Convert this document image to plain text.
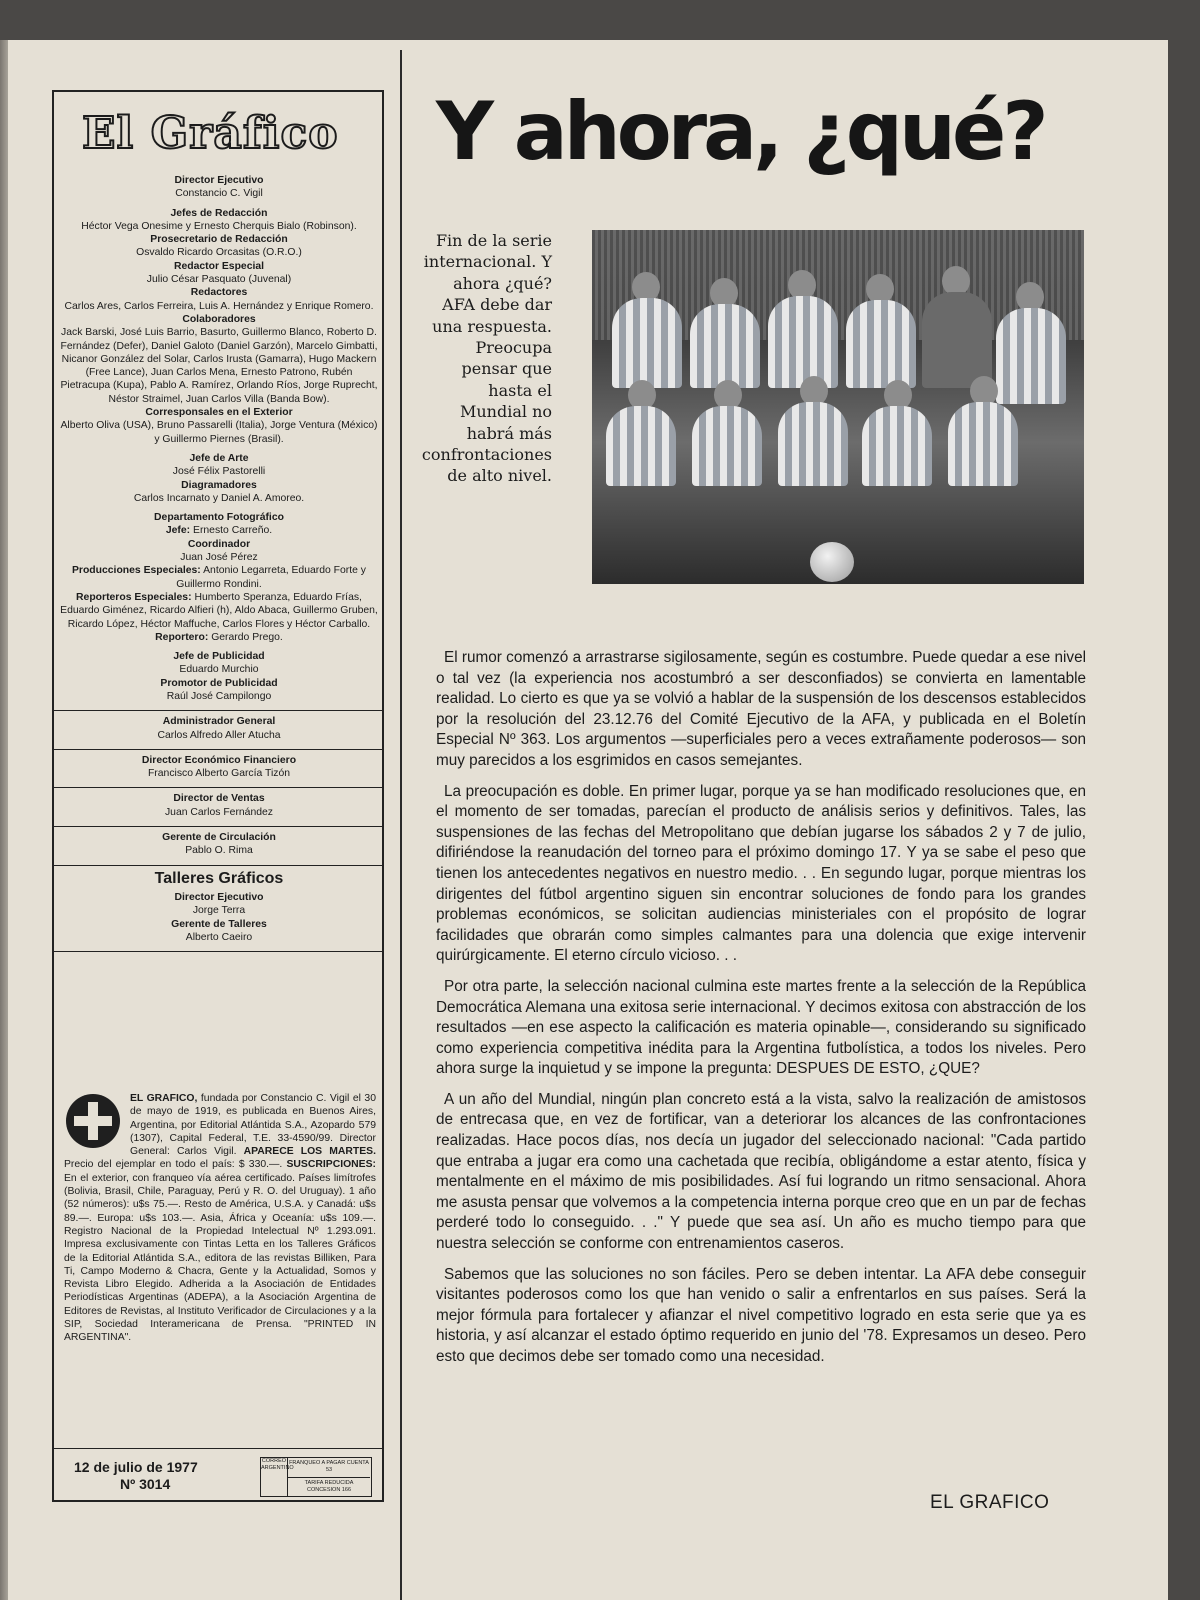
El Gráfico

Director Ejecutivo

Constancio C. Vigil

Jefes de Redacción

Héctor Vega Onesime y Ernesto Cherquis Bialo (Robinson).

Prosecretario de Redacción

Osvaldo Ricardo Orcasitas (O.R.O.)

Redactor Especial

Julio César Pasquato (Juvenal)

Redactores

Carlos Ares, Carlos Ferreira, Luis A. Hernández y Enrique Romero.

Colaboradores

Jack Barski, José Luis Barrio, Basurto, Guillermo Blanco, Roberto D. Fernández (Defer), Daniel Galoto (Daniel Garzón), Marcelo Gimbatti, Nicanor González del Solar, Carlos Irusta (Gamarra), Hugo Mackern (Free Lance), Juan Carlos Mena, Ernesto Patrono, Rubén Pietracupa (Kupa), Pablo A. Ramírez, Orlando Ríos, Jorge Ruprecht, Néstor Straimel, Juan Carlos Villa (Banda Bow).

Corresponsales en el Exterior

Alberto Oliva (USA), Bruno Passarelli (Italia), Jorge Ventura (México) y Guillermo Piernes (Brasil).

Jefe de Arte

José Félix Pastorelli

Diagramadores

Carlos Incarnato y Daniel A. Amoreo.

Departamento Fotográfico

Jefe: Ernesto Carreño.

Coordinador

Juan José Pérez

Producciones Especiales: Antonio Legarreta, Eduardo Forte y Guillermo Rondini.

Reporteros Especiales: Humberto Speranza, Eduardo Frías, Eduardo Giménez, Ricardo Alfieri (h), Aldo Abaca, Guillermo Gruben, Ricardo López, Héctor Maffuche, Carlos Flores y Héctor Carballo.

Reportero: Gerardo Prego.

Jefe de Publicidad

Eduardo Murchio

Promotor de Publicidad

Raúl José Campilongo

Administrador General

Carlos Alfredo Aller Atucha

Director Económico Financiero

Francisco Alberto García Tizón

Director de Ventas

Juan Carlos Fernández

Gerente de Circulación

Pablo O. Rima

Talleres Gráficos

Director Ejecutivo

Jorge Terra

Gerente de Talleres

Alberto Caeiro

EL GRAFICO, fundada por Constancio C. Vigil el 30 de mayo de 1919, es publicada en Buenos Aires, Argentina, por Editorial Atlántida S.A., Azopardo 579 (1307), Capital Federal, T.E. 33-4590/99. Director General: Carlos Vigil. APARECE LOS MARTES. Precio del ejemplar en todo el país: $ 330.—. SUSCRIPCIONES: En el exterior, con franqueo vía aérea certificado. Países limítrofes (Bolivia, Brasil, Chile, Paraguay, Perú y R. O. del Uruguay). 1 año (52 números): u$s 75.—. Resto de América, U.S.A. y Canadá: u$s 89.—. Europa: u$s 103.—. Asia, África y Oceanía: u$s 109.—. Registro Nacional de la Propiedad Intelectual Nº 1.293.091. Impresa exclusivamente con Tintas Letta en los Talleres Gráficos de la Editorial Atlántida S.A., editora de las revistas Billiken, Para Ti, Campo Moderno & Chacra, Gente y la Actualidad, Somos y Revista Libro Elegido. Adherida a la Asociación de Entidades Periodísticas Argentinas (ADEPA), a la Asociación Argentina de Editores de Revistas, al Instituto Verificador de Circulaciones y a la SIP, Sociedad Interamericana de Prensa. "PRINTED IN ARGENTINA".
12 de julio de 1977
Nº 3014
CORREO ARGENTINO
FRANQUEO A PAGAR CUENTA 53
TARIFA REDUCIDA CONCESION 166
Y ahora, ¿qué?
Fin de la serie internacional. Y ahora ¿qué? AFA debe dar una respuesta. Preocupa pensar que hasta el Mundial no habrá más confrontaciones de alto nivel.

El rumor comenzó a arrastrarse sigilosamente, según es costumbre. Puede quedar a ese nivel o tal vez (la experiencia nos acostumbró a ser desconfiados) se convierta en lamentable realidad. Lo cierto es que ya se volvió a hablar de la suspensión de los descensos establecidos por la resolución del 23.12.76 del Comité Ejecutivo de la AFA, y publicada en el Boletín Especial Nº 363. Los argumentos —superficiales pero a veces extrañamente poderosos— son muy parecidos a los esgrimidos en casos semejantes.

La preocupación es doble. En primer lugar, porque ya se han modificado resoluciones que, en el momento de ser tomadas, parecían el producto de análisis serios y definitivos. Tales, las suspensiones de las fechas del Metropolitano que debían jugarse los sábados 2 y 7 de julio, difiriéndose la reanudación del torneo para el próximo domingo 17. Y ya se sabe el peso que tienen los antecedentes negativos en nuestro medio. . . En segundo lugar, porque mientras los dirigentes del fútbol argentino siguen sin encontrar soluciones de fondo para los grandes problemas económicos, se solicitan audiencias ministeriales con el propósito de lograr facilidades que obrarán como simples calmantes para una dolencia que exige intervenir quirúrgicamente. El eterno círculo vicioso. . .

Por otra parte, la selección nacional culmina este martes frente a la selección de la República Democrática Alemana una exitosa serie internacional. Y decimos exitosa con abstracción de los resultados —en ese aspecto la calificación es materia opinable—, considerando su significado como experiencia competitiva inédita para la Argentina futbolística, a todos los niveles. Pero ahora surge la inquietud y se impone la pregunta: DESPUES DE ESTO, ¿QUE?

A un año del Mundial, ningún plan concreto está a la vista, salvo la realización de amistosos de entrecasa que, en vez de fortificar, van a deteriorar los alcances de las confrontaciones realizadas. Hace pocos días, nos decía un jugador del seleccionado nacional: "Cada partido que entraba a jugar era como una cachetada que recibía, obligándome a estar atento, física y mentalmente en el máximo de mis posibilidades. Así fui logrando un ritmo sensacional. Ahora me asusta pensar que volvemos a la competencia interna porque creo que en un par de fechas perderé todo lo conseguido. . ." Y puede que sea así. Un año es mucho tiempo para que nuestra selección se conforme con entrenamientos caseros.

Sabemos que las soluciones no son fáciles. Pero se deben intentar. La AFA debe conseguir visitantes poderosos como los que han venido o salir a enfrentarlos en sus países. Será la mejor fórmula para fortalecer y afianzar el nivel competitivo logrado en esta serie que ya es historia, y así alcanzar el estado óptimo requerido en junio del '78. Expresamos un deseo. Pero esto que decimos debe ser tomado como una necesidad.

EL GRAFICO
